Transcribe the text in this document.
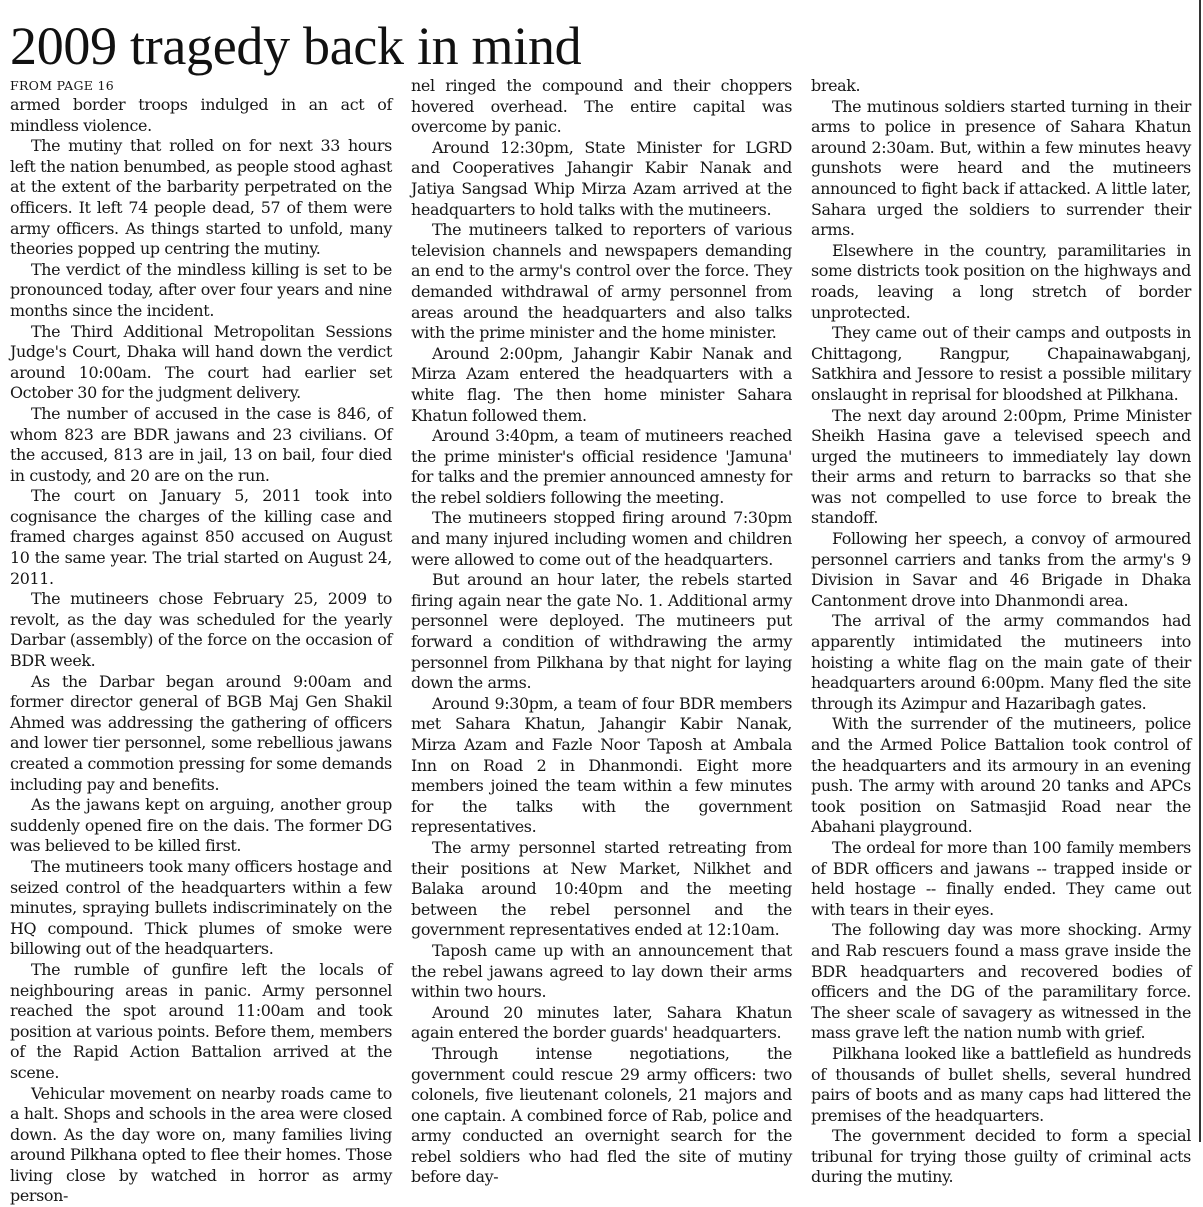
2009 tragedy back in mind
FROM PAGE 16

armed border troops indulged in an act of mindless violence.

The mutiny that rolled on for next 33 hours left the nation benumbed, as people stood aghast at the extent of the barbarity perpetrated on the officers. It left 74 people dead, 57 of them were army officers. As things started to unfold, many theories popped up centring the mutiny.

The verdict of the mindless killing is set to be pronounced today, after over four years and nine months since the incident.

The Third Additional Metropolitan Sessions Judge's Court, Dhaka will hand down the verdict around 10:00am. The court had earlier set October 30 for the judgment delivery.

The number of accused in the case is 846, of whom 823 are BDR jawans and 23 civilians. Of the accused, 813 are in jail, 13 on bail, four died in custody, and 20 are on the run.

The court on January 5, 2011 took into cognisance the charges of the killing case and framed charges against 850 accused on August 10 the same year. The trial started on August 24, 2011.

The mutineers chose February 25, 2009 to revolt, as the day was scheduled for the yearly Darbar (assembly) of the force on the occasion of BDR week.

As the Darbar began around 9:00am and former director general of BGB Maj Gen Shakil Ahmed was addressing the gathering of officers and lower tier personnel, some rebellious jawans created a commotion pressing for some demands including pay and benefits.

As the jawans kept on arguing, another group suddenly opened fire on the dais. The former DG was believed to be killed first.

The mutineers took many officers hostage and seized control of the headquarters within a few minutes, spraying bullets indiscriminately on the HQ compound. Thick plumes of smoke were billowing out of the headquarters.

The rumble of gunfire left the locals of neighbouring areas in panic. Army personnel reached the spot around 11:00am and took position at various points. Before them, members of the Rapid Action Battalion arrived at the scene.

Vehicular movement on nearby roads came to a halt. Shops and schools in the area were closed down. As the day wore on, many families living around Pilkhana opted to flee their homes. Those living close by watched in horror as army person-

nel ringed the compound and their choppers hovered overhead. The entire capital was overcome by panic.

Around 12:30pm, State Minister for LGRD and Cooperatives Jahangir Kabir Nanak and Jatiya Sangsad Whip Mirza Azam arrived at the headquarters to hold talks with the mutineers.

The mutineers talked to reporters of various television channels and newspapers demanding an end to the army's control over the force. They demanded withdrawal of army personnel from areas around the headquarters and also talks with the prime minister and the home minister.

Around 2:00pm, Jahangir Kabir Nanak and Mirza Azam entered the headquarters with a white flag. The then home minister Sahara Khatun followed them.

Around 3:40pm, a team of mutineers reached the prime minister's official residence 'Jamuna' for talks and the premier announced amnesty for the rebel soldiers following the meeting.

The mutineers stopped firing around 7:30pm and many injured including women and children were allowed to come out of the headquarters.

But around an hour later, the rebels started firing again near the gate No. 1. Additional army personnel were deployed. The mutineers put forward a condition of withdrawing the army personnel from Pilkhana by that night for laying down the arms.

Around 9:30pm, a team of four BDR members met Sahara Khatun, Jahangir Kabir Nanak, Mirza Azam and Fazle Noor Taposh at Ambala Inn on Road 2 in Dhanmondi. Eight more members joined the team within a few minutes for the talks with the government representatives.

The army personnel started retreating from their positions at New Market, Nilkhet and Balaka around 10:40pm and the meeting between the rebel personnel and the government representatives ended at 12:10am.

Taposh came up with an announcement that the rebel jawans agreed to lay down their arms within two hours.

Around 20 minutes later, Sahara Khatun again entered the border guards' headquarters.

Through intense negotiations, the government could rescue 29 army officers: two colonels, five lieutenant colonels, 21 majors and one captain. A combined force of Rab, police and army conducted an overnight search for the rebel soldiers who had fled the site of mutiny before day-

break.

The mutinous soldiers started turning in their arms to police in presence of Sahara Khatun around 2:30am. But, within a few minutes heavy gunshots were heard and the mutineers announced to fight back if attacked. A little later, Sahara urged the soldiers to surrender their arms.

Elsewhere in the country, paramilitaries in some districts took position on the highways and roads, leaving a long stretch of border unprotected.

They came out of their camps and outposts in Chittagong, Rangpur, Chapainawabganj, Satkhira and Jessore to resist a possible military onslaught in reprisal for bloodshed at Pilkhana.

The next day around 2:00pm, Prime Minister Sheikh Hasina gave a televised speech and urged the mutineers to immediately lay down their arms and return to barracks so that she was not compelled to use force to break the standoff.

Following her speech, a convoy of armoured personnel carriers and tanks from the army's 9 Division in Savar and 46 Brigade in Dhaka Cantonment drove into Dhanmondi area.

The arrival of the army commandos had apparently intimidated the mutineers into hoisting a white flag on the main gate of their headquarters around 6:00pm. Many fled the site through its Azimpur and Hazaribagh gates.

With the surrender of the mutineers, police and the Armed Police Battalion took control of the headquarters and its armoury in an evening push. The army with around 20 tanks and APCs took position on Satmasjid Road near the Abahani playground.

The ordeal for more than 100 family members of BDR officers and jawans -- trapped inside or held hostage -- finally ended. They came out with tears in their eyes.

The following day was more shocking. Army and Rab rescuers found a mass grave inside the BDR headquarters and recovered bodies of officers and the DG of the paramilitary force. The sheer scale of savagery as witnessed in the mass grave left the nation numb with grief.

Pilkhana looked like a battlefield as hundreds of thousands of bullet shells, several hundred pairs of boots and as many caps had littered the premises of the headquarters.

The government decided to form a special tribunal for trying those guilty of criminal acts during the mutiny.
